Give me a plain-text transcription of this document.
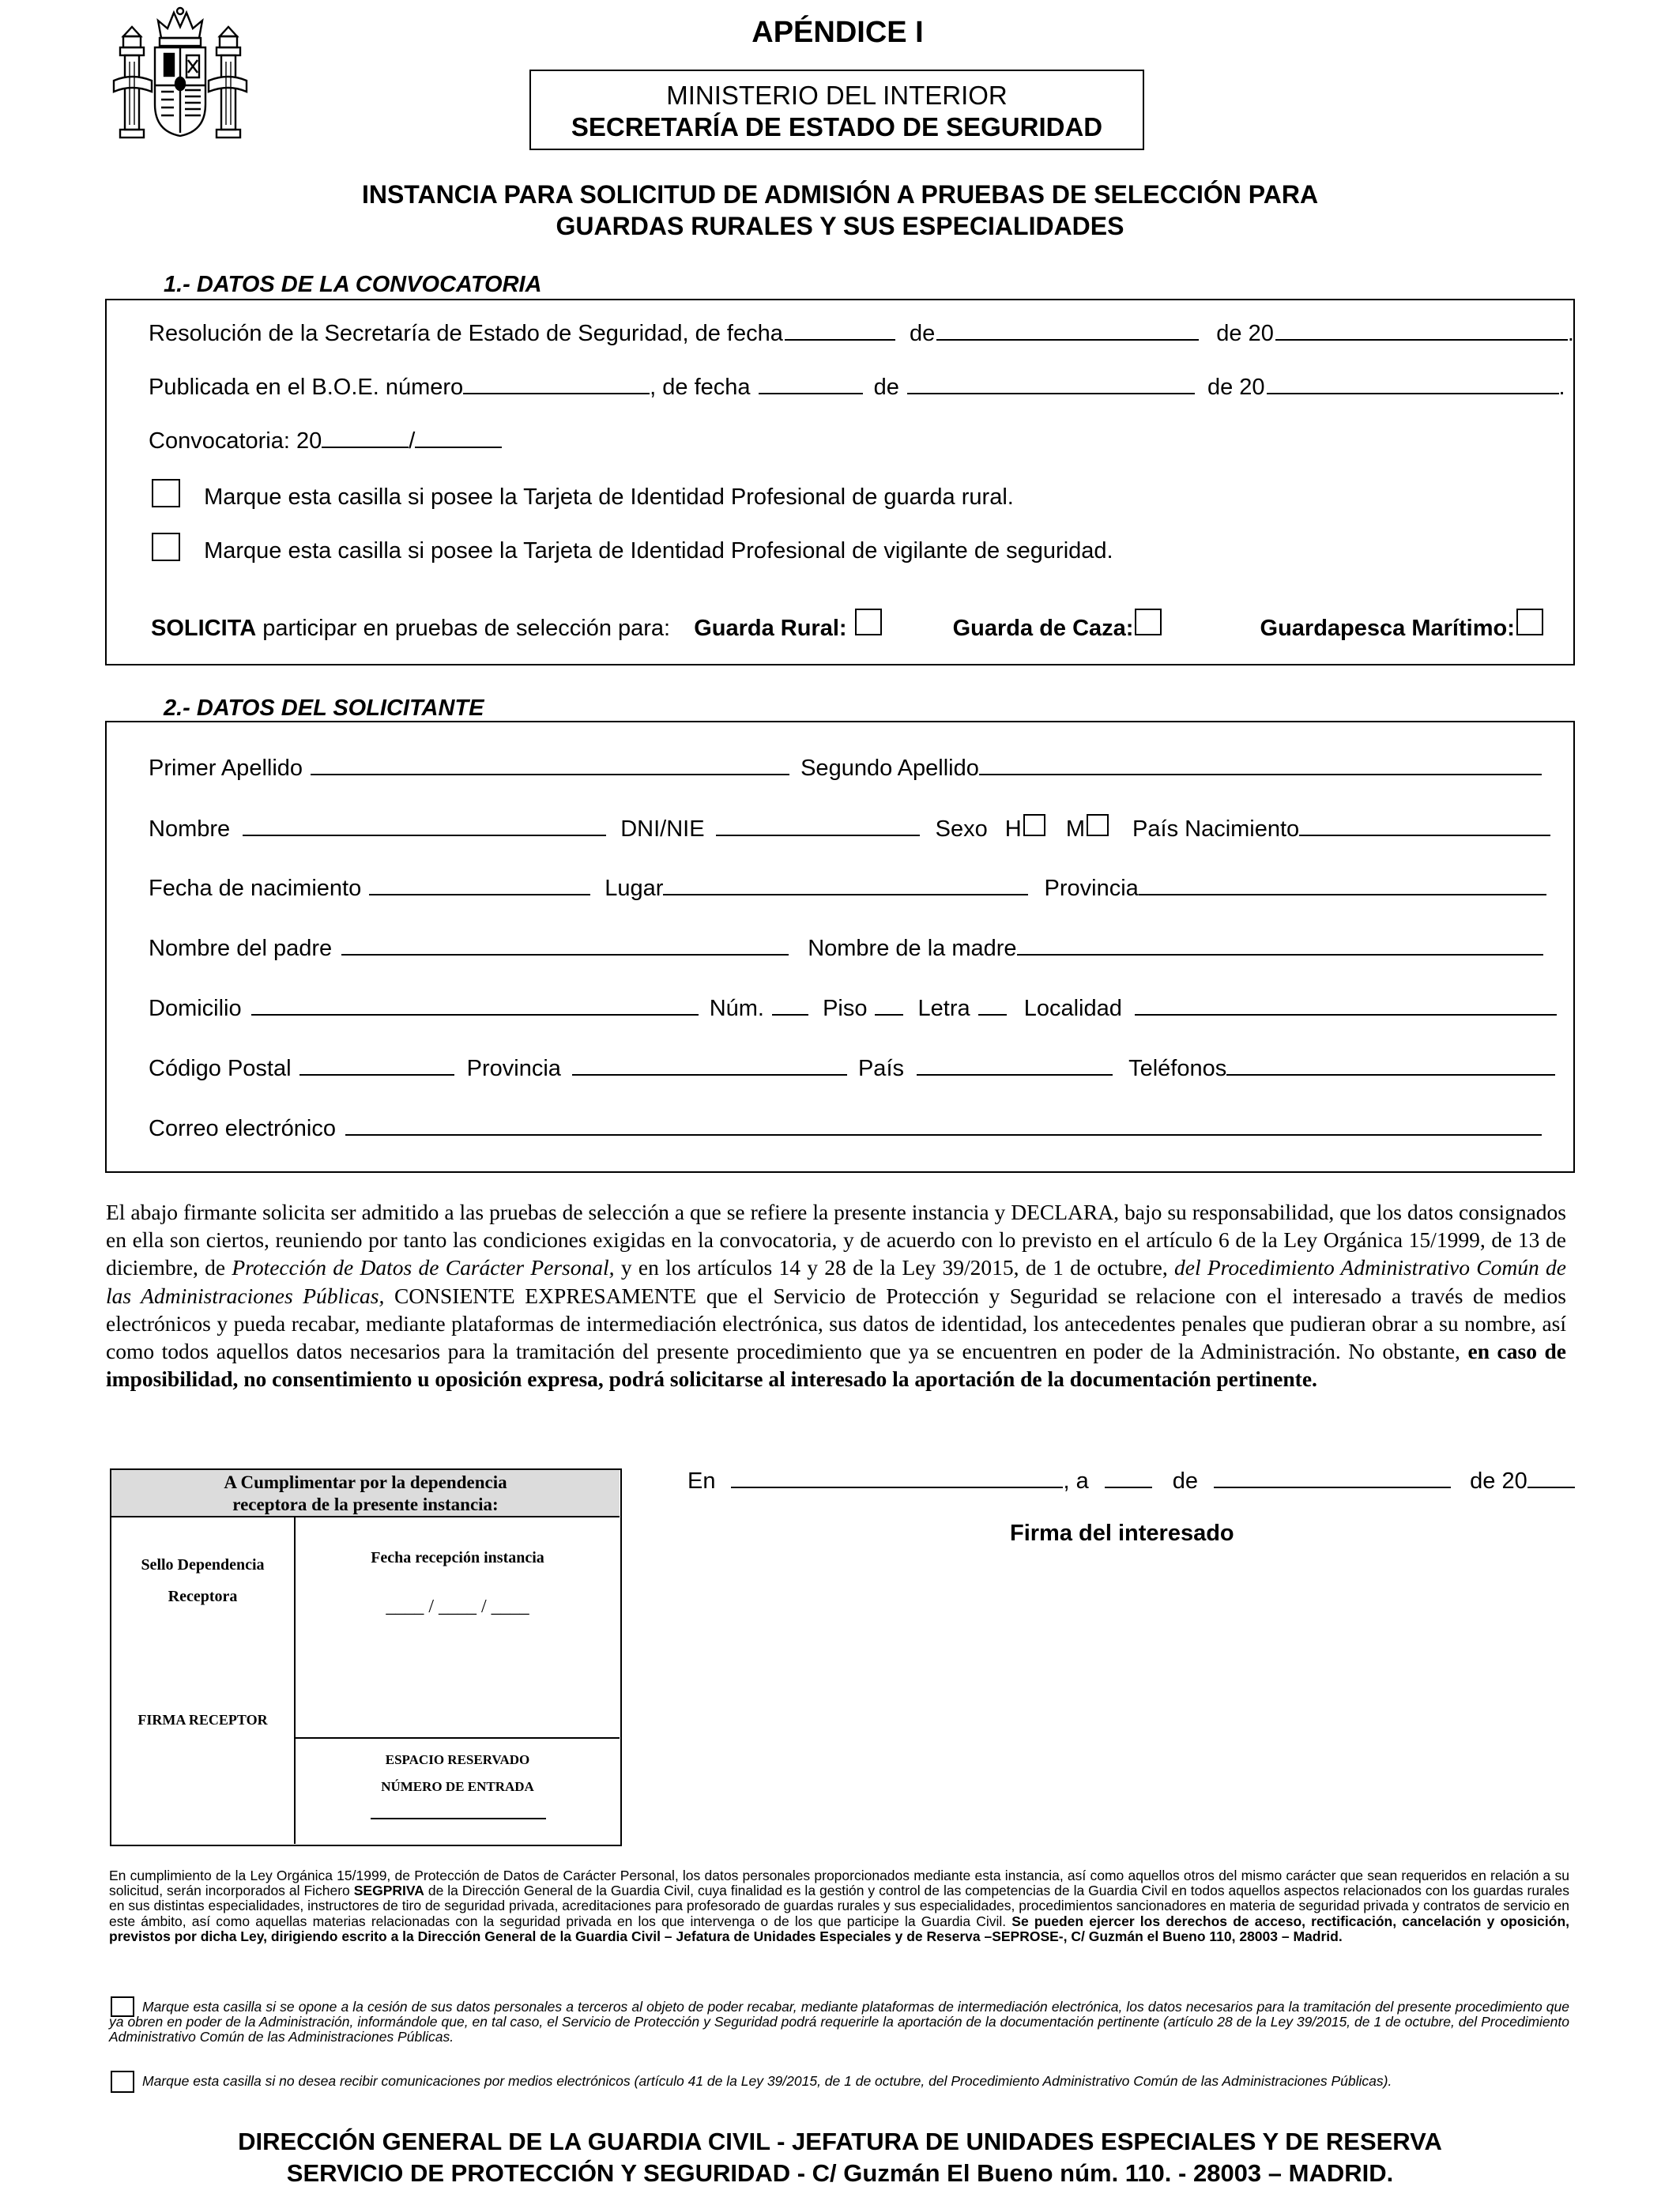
APÉNDICE I
MINISTERIO DEL INTERIOR
SECRETARÍA DE ESTADO DE SEGURIDAD
INSTANCIA PARA SOLICITUD DE ADMISIÓN A PRUEBAS DE SELECCIÓN PARA
GUARDAS RURALES Y SUS ESPECIALIDADES
1.- DATOS DE LA CONVOCATORIA
Resolución de la Secretaría de Estado de Seguridad, de fecha	de	de 20	.
Publicada en el B.O.E. número	, de fecha	de	de 20	.
Convocatoria: 20	/
Marque esta casilla si posee la Tarjeta de Identidad Profesional de guarda rural.
Marque esta casilla si posee la Tarjeta de Identidad Profesional de vigilante de seguridad.
SOLICITA participar en pruebas de selección para: Guarda Rural:	Guarda de Caza:	Guardapesca Marítimo:
2.- DATOS DEL SOLICITANTE
Primer Apellido	Segundo Apellido
Nombre	DNI/NIE	Sexo H M País Nacimiento
Fecha de nacimiento	Lugar	Provincia
Nombre del padre	Nombre de la madre
Domicilio	Núm.	Piso Letra Localidad
Código Postal	Provincia	País	Teléfonos
Correo electrónico
El abajo firmante solicita ser admitido a las pruebas de selección a que se refiere la presente instancia y DECLARA, bajo su responsabilidad, que los datos consignados en ella son ciertos, reuniendo por tanto las condiciones exigidas en la convocatoria, y de acuerdo con lo previsto en el artículo 6 de la Ley Orgánica 15/1999, de 13 de diciembre, de Protección de Datos de Carácter Personal, y en los artículos 14 y 28 de la Ley 39/2015, de 1 de octubre, del Procedimiento Administrativo Común de las Administraciones Públicas, CONSIENTE EXPRESAMENTE que el Servicio de Protección y Seguridad se relacione con el interesado a través de medios electrónicos y pueda recabar, mediante plataformas de intermediación electrónica, sus datos de identidad, los antecedentes penales que pudieran obrar a su nombre, así como todos aquellos datos necesarios para la tramitación del presente procedimiento que ya se encuentren en poder de la Administración. No obstante, en caso de imposibilidad, no consentimiento u oposición expresa, podrá solicitarse al interesado la aportación de la documentación pertinente.
A Cumplimentar por la dependencia
receptora de la presente instancia:
Sello Dependencia
Receptora
FIRMA RECEPTOR
Fecha recepción instancia
____ / ____ / ____
ESPACIO RESERVADO
NÚMERO DE ENTRADA
En	, a	de	de 20
Firma del interesado
En cumplimiento de la Ley Orgánica 15/1999, de Protección de Datos de Carácter Personal, los datos personales proporcionados mediante esta instancia, así como aquellos otros del mismo carácter que sean requeridos en relación a su solicitud, serán incorporados al Fichero SEGPRIVA de la Dirección General de la Guardia Civil, cuya finalidad es la gestión y control de las competencias de la Guardia Civil en todos aquellos aspectos relacionados con los guardas rurales en sus distintas especialidades, instructores de tiro de seguridad privada, acreditaciones para profesorado de guardas rurales y sus especialidades, procedimientos sancionadores en materia de seguridad privada y contratos de servicio en este ámbito, así como aquellas materias relacionadas con la seguridad privada en los que intervenga o de los que participe la Guardia Civil. Se pueden ejercer los derechos de acceso, rectificación, cancelación y oposición, previstos por dicha Ley, dirigiendo escrito a la Dirección General de la Guardia Civil – Jefatura de Unidades Especiales y de Reserva –SEPROSE-, C/ Guzmán el Bueno 110, 28003 – Madrid.
Marque esta casilla si se opone a la cesión de sus datos personales a terceros al objeto de poder recabar, mediante plataformas de intermediación electrónica, los datos necesarios para la tramitación del presente procedimiento que ya obren en poder de la Administración, informándole que, en tal caso, el Servicio de Protección y Seguridad podrá requerirle la aportación de la documentación pertinente (artículo 28 de la Ley 39/2015, de 1 de octubre, del Procedimiento Administrativo Común de las Administraciones Públicas.
Marque esta casilla si no desea recibir comunicaciones por medios electrónicos (artículo 41 de la Ley 39/2015, de 1 de octubre, del Procedimiento Administrativo Común de las Administraciones Públicas).
DIRECCIÓN GENERAL DE LA GUARDIA CIVIL - JEFATURA DE UNIDADES ESPECIALES Y DE RESERVA
SERVICIO DE PROTECCIÓN Y SEGURIDAD - C/ Guzmán El Bueno núm. 110. - 28003 – MADRID.
